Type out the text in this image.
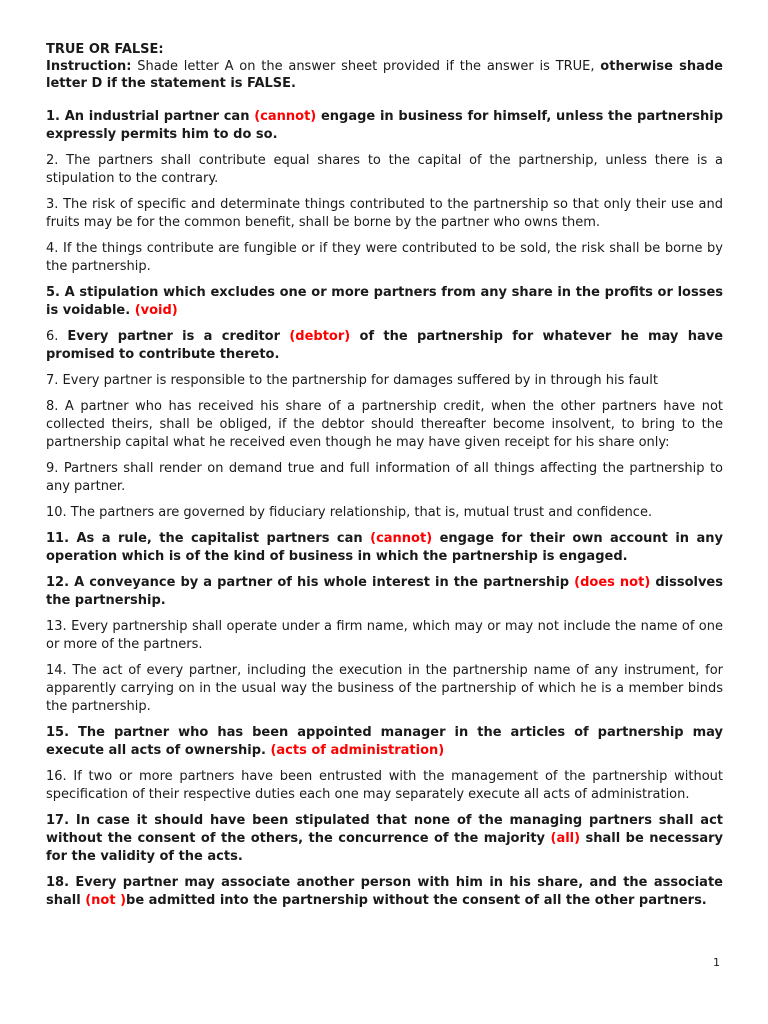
TRUE OR FALSE:

Instruction: Shade letter A on the answer sheet provided if the answer is TRUE, otherwise shade letter D if the statement is FALSE.

1. An industrial partner can (cannot) engage in business for himself, unless the partnership expressly permits him to do so.

2. The partners shall contribute equal shares to the capital of the partnership, unless there is a stipulation to the contrary.

3. The risk of specific and determinate things contributed to the partnership so that only their use and fruits may be for the common benefit, shall be borne by the partner who owns them.

4. If the things contribute are fungible or if they were contributed to be sold, the risk shall be borne by the partnership.

5. A stipulation which excludes one or more partners from any share in the profits or losses is voidable. (void)

6. Every partner is a creditor (debtor) of the partnership for whatever he may have promised to contribute thereto.

7. Every partner is responsible to the partnership for damages suffered by in through his fault

8. A partner who has received his share of a partnership credit, when the other partners have not collected theirs, shall be obliged, if the debtor should thereafter become insolvent, to bring to the partnership capital what he received even though he may have given receipt for his share only:

9. Partners shall render on demand true and full information of all things affecting the partnership to any partner.

10. The partners are governed by fiduciary relationship, that is, mutual trust and confidence.

11. As a rule, the capitalist partners can (cannot) engage for their own account in any operation which is of the kind of business in which the partnership is engaged.

12. A conveyance by a partner of his whole interest in the partnership (does not) dissolves the partnership.

13. Every partnership shall operate under a firm name, which may or may not include the name of one or more of the partners.

14. The act of every partner, including the execution in the partnership name of any instrument, for apparently carrying on in the usual way the business of the partnership of which he is a member binds the partnership.

15. The partner who has been appointed manager in the articles of partnership may execute all acts of ownership. (acts of administration)

16. If two or more partners have been entrusted with the management of the partnership without specification of their respective duties each one may separately execute all acts of administration.

17. In case it should have been stipulated that none of the managing partners shall act without the consent of the others, the concurrence of the majority (all) shall be necessary for the validity of the acts.

18. Every partner may associate another person with him in his share, and the associate shall (not )be admitted into the partnership without the consent of all the other partners.

1
